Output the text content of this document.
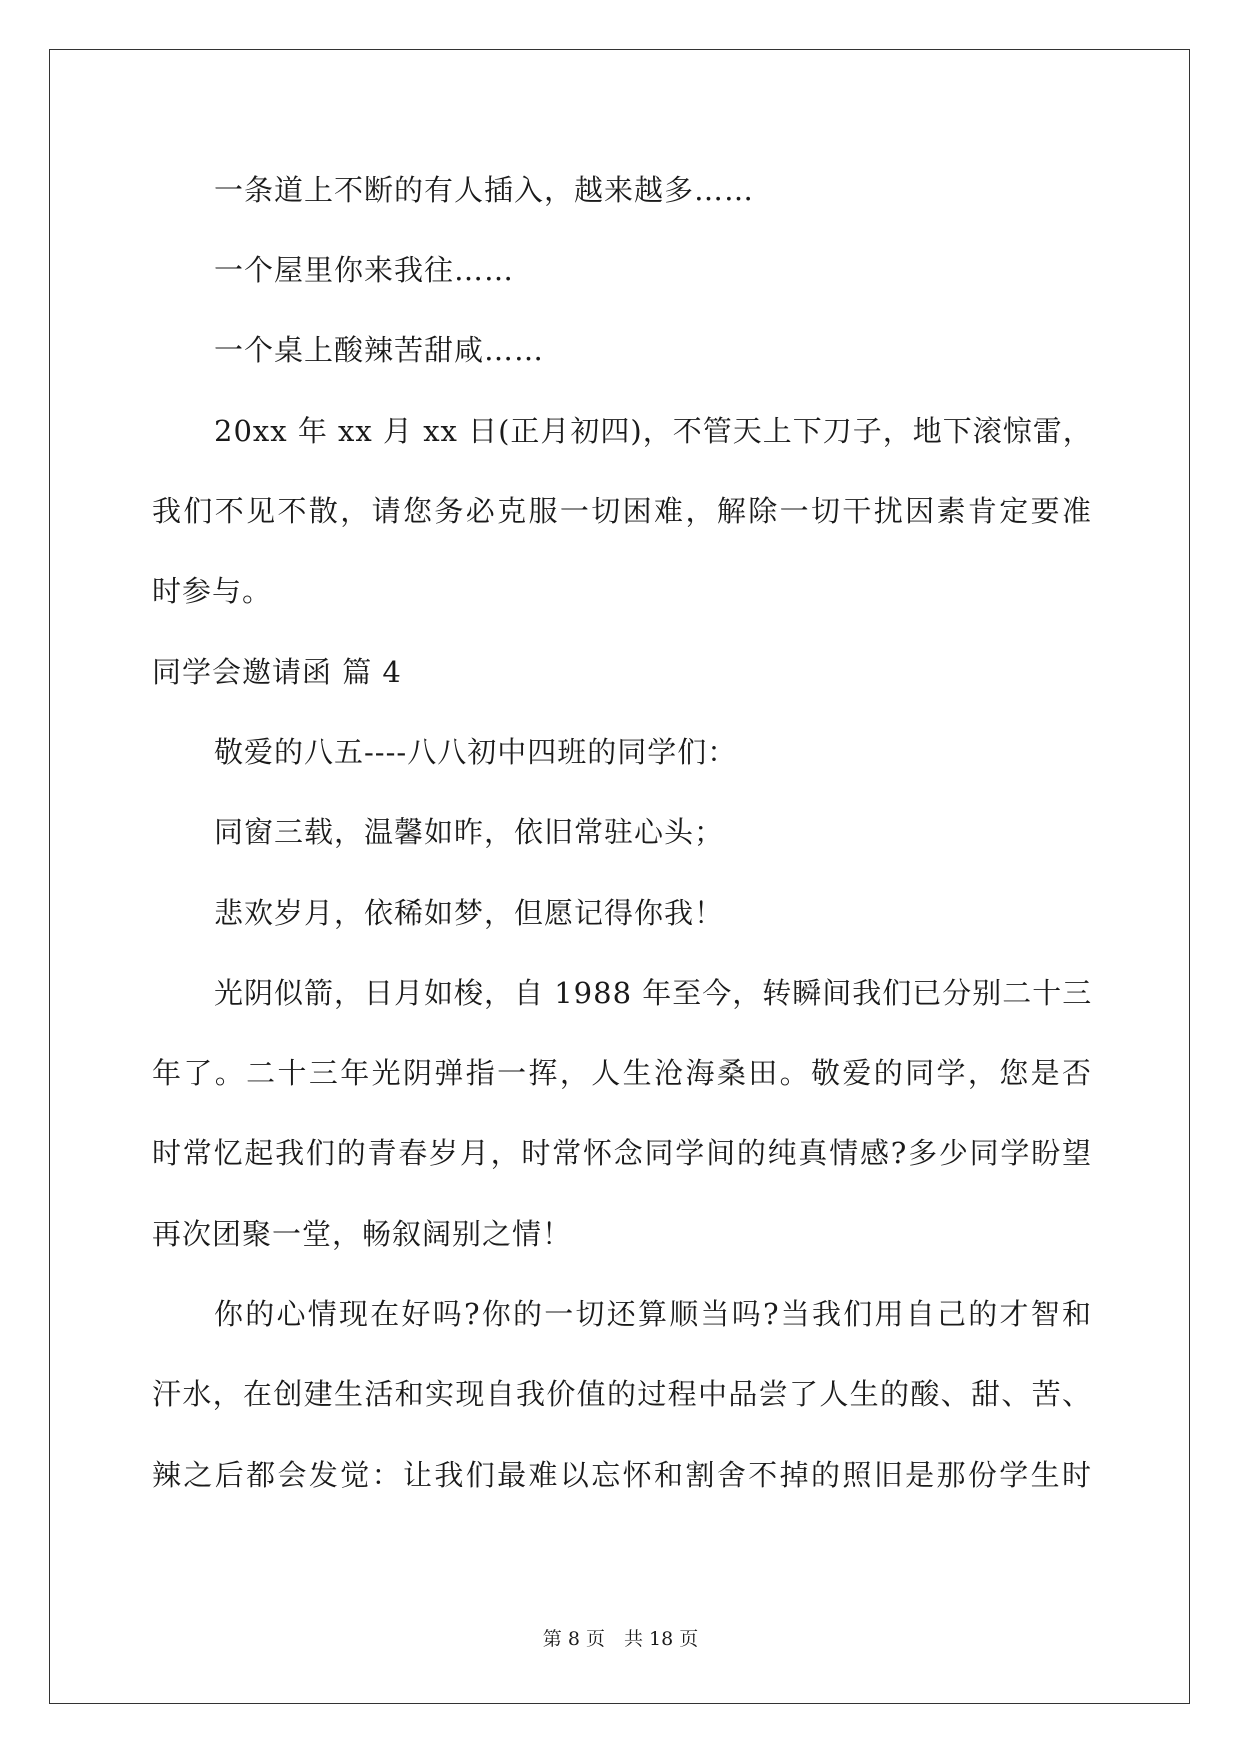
一条道上不断的有人插入，越来越多……
一个屋里你来我往……
一个桌上酸辣苦甜咸……
20xx 年 xx 月 xx 日(正月初四)，不管天上下刀子，地下滚惊雷，
我们不见不散，请您务必克服一切困难，解除一切干扰因素肯定要准
时参与。
同学会邀请函 篇 4
敬爱的八五----八八初中四班的同学们：
同窗三载，温馨如昨，依旧常驻心头；
悲欢岁月，依稀如梦，但愿记得你我！
光阴似箭，日月如梭，自 1988 年至今，转瞬间我们已分别二十三
年了。二十三年光阴弹指一挥，人生沧海桑田。敬爱的同学，您是否
时常忆起我们的青春岁月，时常怀念同学间的纯真情感?多少同学盼望
再次团聚一堂，畅叙阔别之情！
你的心情现在好吗?你的一切还算顺当吗?当我们用自己的才智和
汗水，在创建生活和实现自我价值的过程中品尝了人生的酸、甜、苦、
辣之后都会发觉：让我们最难以忘怀和割舍不掉的照旧是那份学生时
第 8 页　共 18 页
